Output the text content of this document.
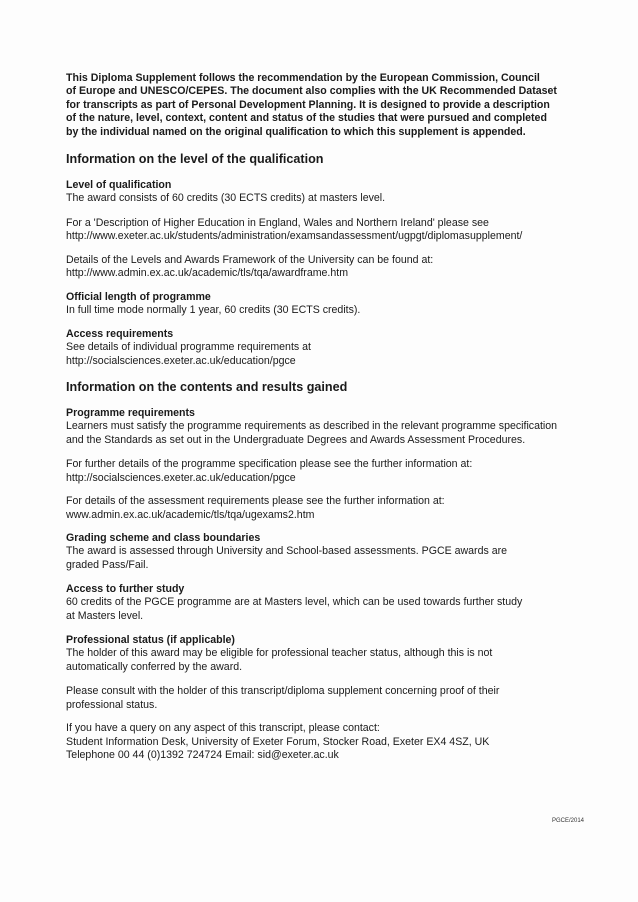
This Diploma Supplement follows the recommendation by the European Commission, Council
of Europe and UNESCO/CEPES. The document also complies with the UK Recommended Dataset
for transcripts as part of Personal Development Planning. It is designed to provide a description
of the nature, level, context, content and status of the studies that were pursued and completed
by the individual named on the original qualification to which this supplement is appended.
Information on the level of the qualification
Level of qualification
The award consists of 60 credits (30 ECTS credits) at masters level.
For a 'Description of Higher Education in England, Wales and Northern Ireland' please see
http://www.exeter.ac.uk/students/administration/examsandassessment/ugpgt/diplomasupplement/
Details of the Levels and Awards Framework of the University can be found at:
http://www.admin.ex.ac.uk/academic/tls/tqa/awardframe.htm
Official length of programme
In full time mode normally 1 year, 60 credits (30 ECTS credits).
Access requirements
See details of individual programme requirements at
http://socialsciences.exeter.ac.uk/education/pgce
Information on the contents and results gained
Programme requirements
Learners must satisfy the programme requirements as described in the relevant programme specification
and the Standards as set out in the Undergraduate Degrees and Awards Assessment Procedures.
For further details of the programme specification please see the further information at:
http://socialsciences.exeter.ac.uk/education/pgce
For details of the assessment requirements please see the further information at:
www.admin.ex.ac.uk/academic/tls/tqa/ugexams2.htm
Grading scheme and class boundaries
The award is assessed through University and School-based assessments. PGCE awards are
graded Pass/Fail.
Access to further study
60 credits of the PGCE programme are at Masters level, which can be used towards further study
at Masters level.
Professional status (if applicable)
The holder of this award may be eligible for professional teacher status, although this is not
automatically conferred by the award.
Please consult with the holder of this transcript/diploma supplement concerning proof of their
professional status.
If you have a query on any aspect of this transcript, please contact:
Student Information Desk, University of Exeter Forum, Stocker Road, Exeter EX4 4SZ, UK
Telephone 00 44 (0)1392 724724 Email: sid@exeter.ac.uk
PGCE/2014
